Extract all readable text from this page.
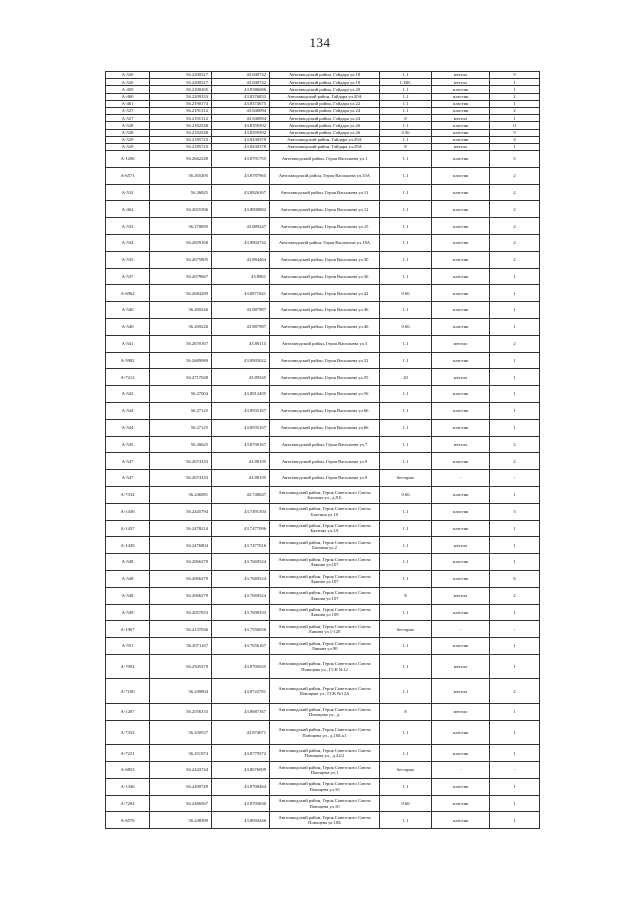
134
А-526	56.2200317	43.840742	Автозаводский район, Гайдара ул.18	1.1	металл	9
А-526	56.2200317	43.840742	Автозаводский район, Гайдара ул.18	1.1КС	металл	1
А-459	56.2200265	43.8386686	Автозаводский район, Гайдара ул.20	1.1	пластик	1
А-460	56.2209333	43.8376833	Автозаводский район, Гайдара ул.20А	1.1	пластик	2
А-461	56.2190174	43.8374675	Автозаводский район, Гайдара ул.22	1.1	пластик	1
А-527	56.2191312	43.840094	Автозаводский район, Гайдара ул.24	1.1	пластик	2
А-527	56.2191312	43.840094	Автозаводский район, Гайдара ул.24	8	металл	1
А-528	56.2182548	43.8359392	Автозаводский район, Гайдара ул.26	1.1	пластик	11
А-528	56.2182548	43.8359392	Автозаводский район, Гайдара ул.26	0.36	пластик	9
А-529	56.2185723	43.8430378	Автозаводский район, Гайдара ул.29А	1.1	пластик	4
А-529	56.2185723	43.8430378	Автозаводский район, Гайдара ул.29А	8	металл	1
А-1206	56.2662248	43.8791755	Автозаводский район, Героя Васильева ул.1	1.1	пластик	5
А-6571	56.265495	43.8787965	Автозаводский район, Героя Васильева ул.10А	1.1	пластик	2
А-532	56.26825	43.8826167	Автозаводский район, Героя Васильева ул.11	1.1	пластик	2
А-462	56.2655396	43.8800882	Автозаводский район, Героя Васильева ул.12	1.1	пластик	2
А-533	56.270095	43.889247	Автозаводский район, Героя Васильева ул.15	1.1	пластик	2
А-534	56.2659168	43.8804742	Автозаводский район, Героя Васильева ул.18А	1.1	пластик	2
А-535	56.2675805	43.884464	Автозаводский район, Героя Васильева ул.30	1.1	пластик	2
А-537	56.2679667	43.8861	Автозаводский район, Героя Васильева ул.36	1.1	пластик	1
А-6962	56.2684289	43.8871841	Автозаводский район, Героя Васильева ул.42	0.66	пластик	1
А-540	56.269226	43.887987	Автозаводский район, Героя Васильева ул.46	1.1	пластик	1
А-540	56.269226	43.887987	Автозаводский район, Героя Васильева ул.46	0.66	пластик	1
А-541	56.2670167	43.88115	Автозаводский район, Героя Васильева ул.5	1.1	металл	2
А-5982	56.2689089	43.8903022	Автозаводский район, Героя Васильева ул.52	1.1	пластик	1
А-7212	56.2717048	43.89345	Автозаводский район, Героя Васильева ул.55	20	металл	1
А-542	56.27004	43.8912405	Автозаводский район, Героя Васильева ул.56	1.1	пластик	1
А-544	56.27125	43.8935167	Автозаводский район, Героя Васильева ул.66	1.1	пластик	1
А-544	56.27125	43.8935167	Автозаводский район, Героя Васильева ул.66	1.1	пластик	1
А-545	56.26625	43.8790167	Автозаводский район, Героя Васильева ул.7	1.1	металл	2
А-547	56.2674333	43.88195	Автозаводский район, Героя Васильева ул.9	1.1	пластик	2
А-547	56.2674333	43.88195	Автозаводский район, Героя Васильева ул.9	бестарно	-	-
А-7334	56.246081	43.748647	Автозаводский район, Героя Советского Союза Бахтина ул., д.8 Б	0.66	пластик	1
А-1436	56.2445794	43.7491504	Автозаводский район, Героя Советского Союза Бахтина ул.10	1.1	пластик	3
А-1437	56.2478214	43.7477096	Автозаводский район, Героя Советского Союза Бахтина ул.1А	1.1	пластик	1
А-1438	56.2476804	43.7477016	Автозаводский район, Героя Советского Союза Бахтина ул.2	1.1	металл	1
А-548	56.2066279	43.7669524	Автозаводский район, Героя Советского Союза Лямова ул.107	1.1	пластик	1
А-548	56.2066279	43.7669524	Автозаводский район, Героя Советского Союза Лямова ул.107	1.1	пластик	6
А-548	56.2066279	43.7669524	Автозаводский район, Героя Советского Союза Лямова ул.107	8	металл	2
А-549	56.2057833	43.7698333	Автозаводский район, Героя Советского Союза Лямова ул.109	1.1	пластик	1
А-1967	56.2137046	43.7556056	Автозаводский район, Героя Советского Союза Лямова ул.1-120	бестарно	-	-
А-551	56.2071167	43.7656167	Автозаводский район, Героя Советского Союза Лямова ул.90	1.1	пластик	1
А-7094	56.2505379	43.8705635	Автозаводский район, Героя Советского Союза Поющева ул., ГСК №12	1.1	металл	1
А-7100	56.249804	43.8722781	Автозаводский район, Героя Советского Союза Поющева ул., ГСК №12А	1.1	металл	2
А-1207	56.2556333	43.8687167	Автозаводский район, Героя Советского Союза Поющева ул., д.	8	металл	1
А-7332	56.250557	43.874071	Автозаводский район, Героя Советского Союза Поющева ул., д.16Б к1	1.1	пластик	1
А-7231	56.251974	43.8779572	Автозаводский район, Героя Советского Союза Поющева ул., д.22/2	1.1	пластик	1
А-6853	56.2443744	43.8676009	Автозаводский район, Героя Советского Союза Поющева ул.1	бестарно	-	-
А-1346	56.2490749	43.8708464	Автозаводский район, Героя Советского Союза Поющева ул.10	1.1	пластик	1
А-7294	56.2486567	43.8703630	Автозаводский район, Героя Советского Союза Поющева ул.10	0.66	пластик	1
А-6576	56.248389	43.8694346	Автозаводский район, Героя Советского Союза Поющева ул.10Б	1.1	пластик	1
